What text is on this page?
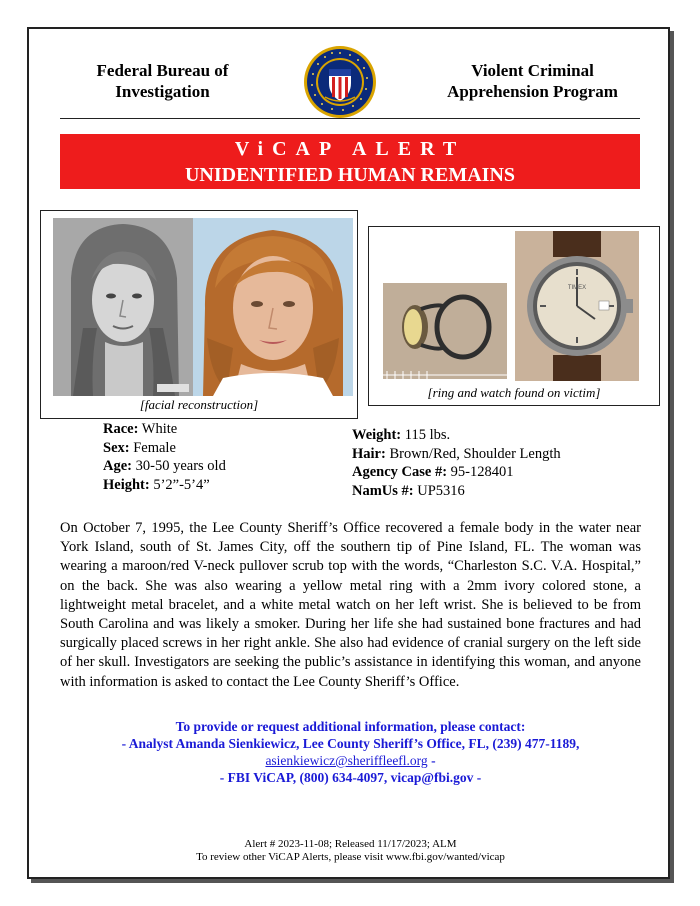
Federal Bureau of
Investigation
Violent Criminal
Apprehension Program
ViCAP ALERT
UNIDENTIFIED HUMAN REMAINS
[facial reconstruction]
TIMEX
[ring and watch found on victim]
Race: White
Sex: Female
Age: 30-50 years old
Height: 5’2”-5’4”
Weight: 115 lbs.
Hair: Brown/Red, Shoulder Length
Agency Case #: 95-128401
NamUs #: UP5316
On October 7, 1995, the Lee County Sheriff’s Office recovered a female body in the water near York Island, south of St. James City, off the southern tip of Pine Island, FL. The woman was wearing a maroon/red V-neck pullover scrub top with the words, “Charleston S.C. V.A. Hospital,” on the back. She was also wearing a yellow metal ring with a 2mm ivory colored stone, a lightweight metal bracelet, and a white metal watch on her left wrist. She is believed to be from South Carolina and was likely a smoker. During her life she had sustained bone fractures and had surgically placed screws in her right ankle. She also had evidence of cranial surgery on the left side of her skull. Investigators are seeking the public’s assistance in identifying this woman, and anyone with information is asked to contact the Lee County Sheriff’s Office.
To provide or request additional information, please contact:
- Analyst Amanda Sienkiewicz, Lee County Sheriff’s Office, FL, (239) 477-1189,
asienkiewicz@sheriffleefl.org -
- FBI ViCAP, (800) 634-4097, vicap@fbi.gov -
Alert # 2023-11-08; Released 11/17/2023; ALM
To review other ViCAP Alerts, please visit www.fbi.gov/wanted/vicap
